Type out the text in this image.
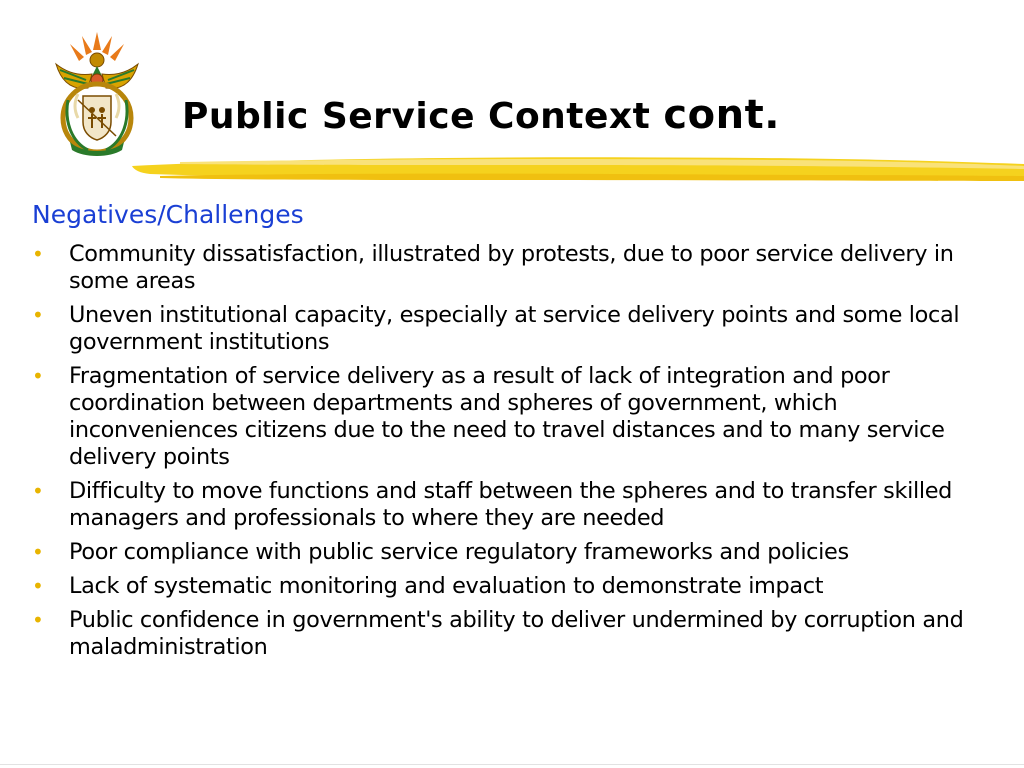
Public Service Context cont.
Negatives/Challenges
• Community dissatisfaction, illustrated by protests, due to poor service delivery in some areas
• Uneven institutional capacity, especially at service delivery points and some local government institutions
• Fragmentation of service delivery as a result of lack of integration and poor coordination between departments and spheres of government, which inconveniences citizens due to the need to travel distances and to many service delivery points
• Difficulty to move functions and staff between the spheres and to transfer skilled managers and professionals to where they are needed
• Poor compliance with public service regulatory frameworks and policies
• Lack of systematic monitoring and evaluation to demonstrate impact
• Public confidence in government's ability to deliver undermined by corruption and maladministration
